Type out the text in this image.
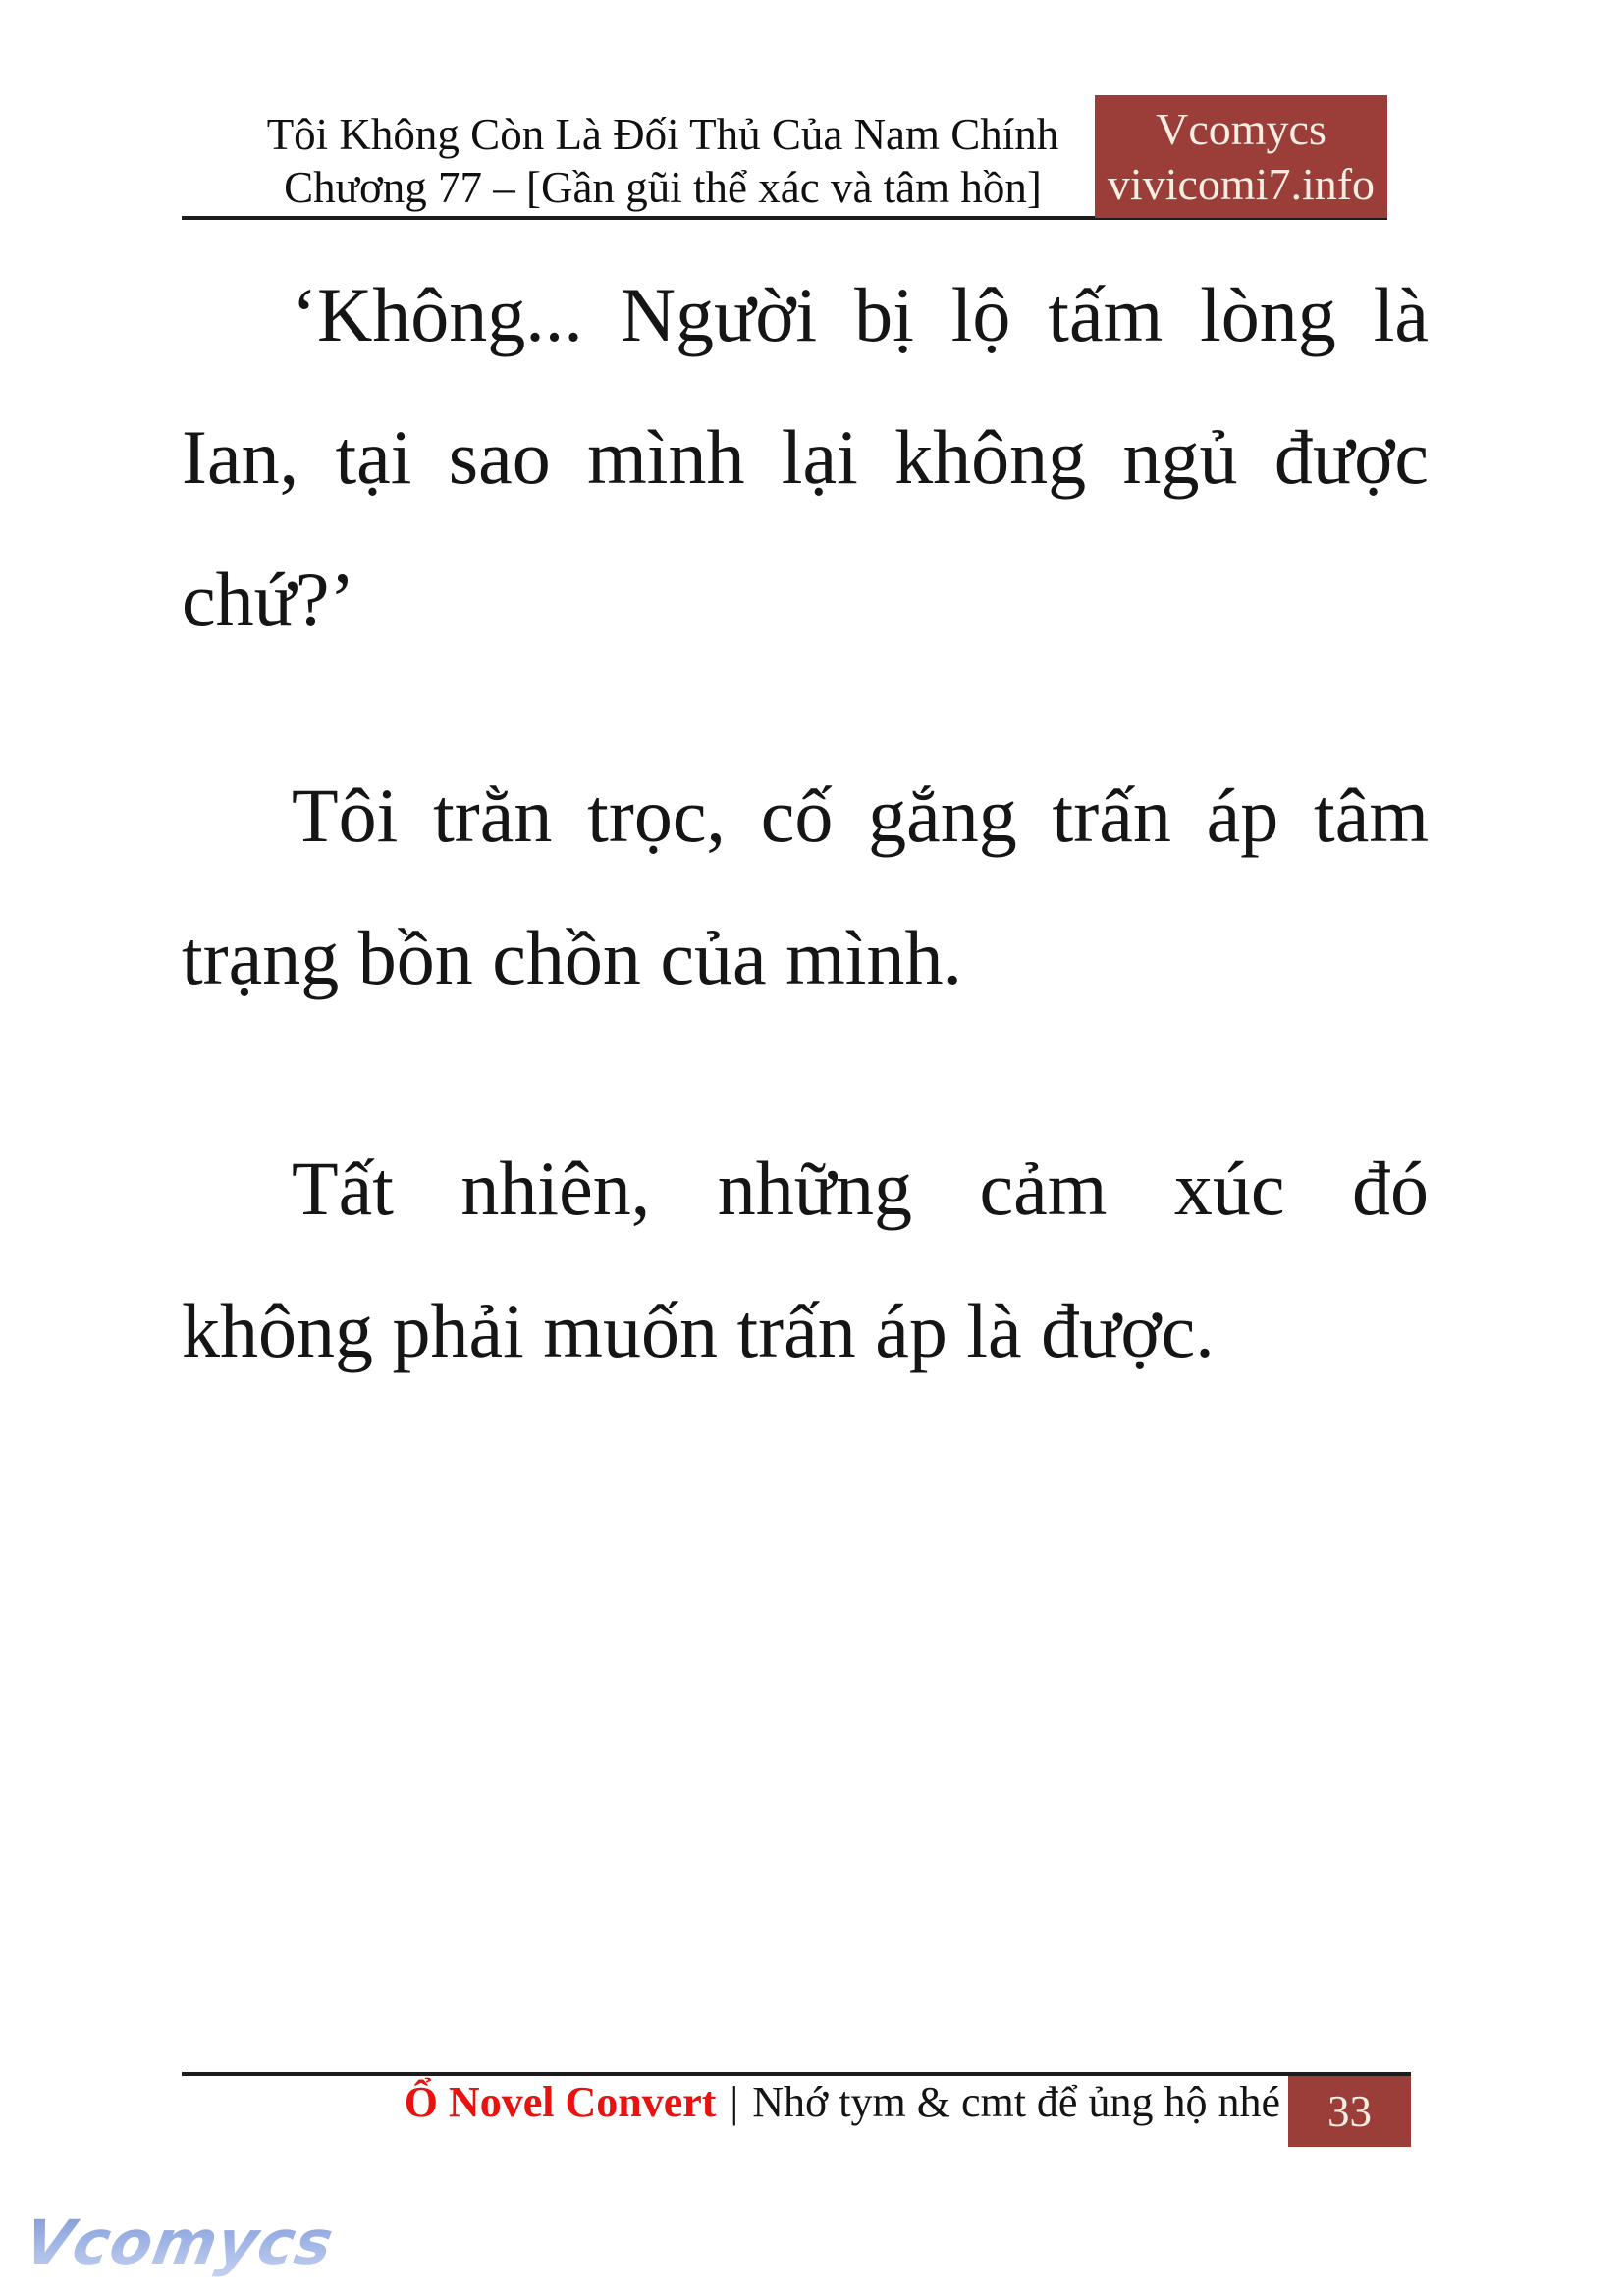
Tôi Không Còn Là Đối Thủ Của Nam Chính
Chương 77 – [Gần gũi thể xác và tâm hồn]
Vcomycs
vivicomi7.info
‘Không... Người bị lộ tấm lòng là
Ian, tại sao mình lại không ngủ được
chứ?’
Tôi trằn trọc, cố gắng trấn áp tâm
trạng bồn chồn của mình.
Tất nhiên, những cảm xúc đó
không phải muốn trấn áp là được.
Ổ Novel Convert | Nhớ tym & cmt để ủng hộ nhé 33
Vcomycs
